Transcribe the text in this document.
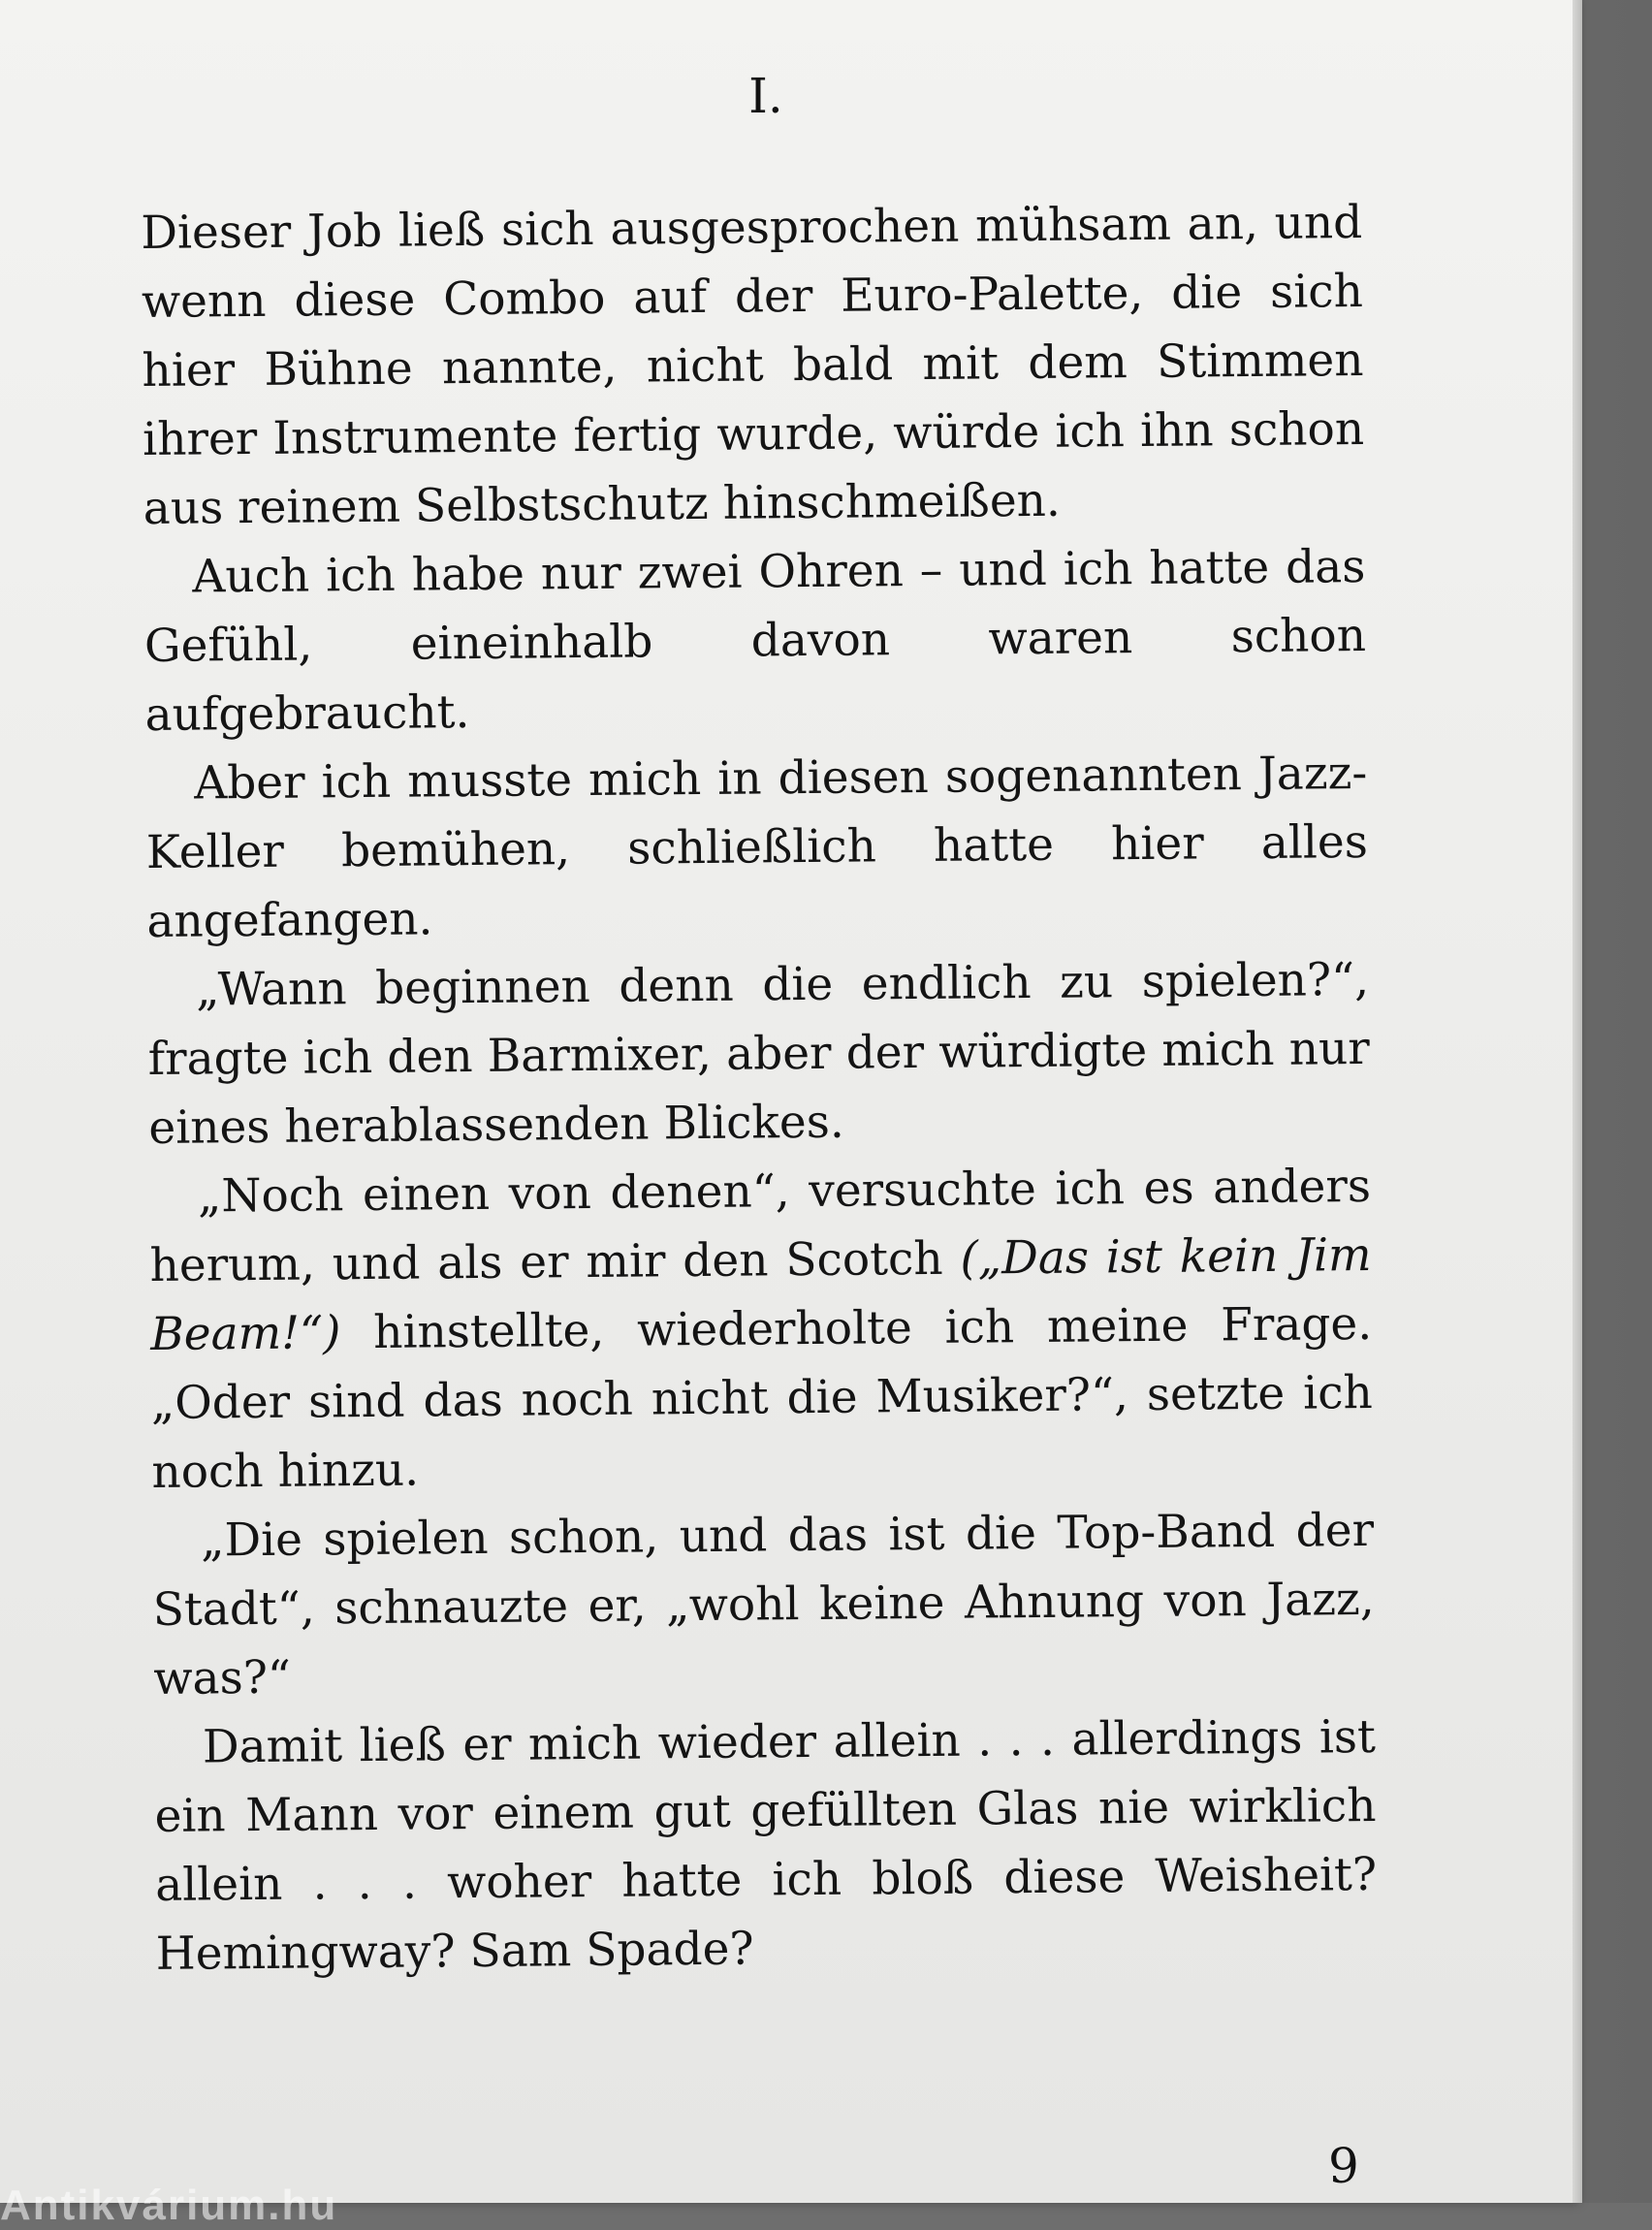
I.

Dieser Job ließ sich ausgesprochen mühsam an, und wenn diese Combo auf der Euro-Palette, die sich hier Bühne nannte, nicht bald mit dem Stimmen ihrer Instrumente fertig wurde, würde ich ihn schon aus reinem Selbstschutz hinschmeißen.

Auch ich habe nur zwei Ohren – und ich hatte das Gefühl, eineinhalb davon waren schon aufgebraucht.

Aber ich musste mich in diesen sogenannten Jazz-Keller bemühen, schließlich hatte hier alles angefangen.

„Wann beginnen denn die endlich zu spielen?“, fragte ich den Barmixer, aber der würdigte mich nur eines herablassenden Blickes.

„Noch einen von denen“, versuchte ich es anders herum, und als er mir den Scotch („Das ist kein Jim Beam!“) hinstellte, wiederholte ich meine Frage. „Oder sind das noch nicht die Musiker?“, setzte ich noch hinzu.

„Die spielen schon, und das ist die Top-Band der Stadt“, schnauzte er, „wohl keine Ahnung von Jazz, was?“

Damit ließ er mich wieder allein . . . allerdings ist ein Mann vor einem gut gefüllten Glas nie wirklich allein . . . woher hatte ich bloß diese Weisheit? Hemingway? Sam Spade?

9
Antikvárium.hu
